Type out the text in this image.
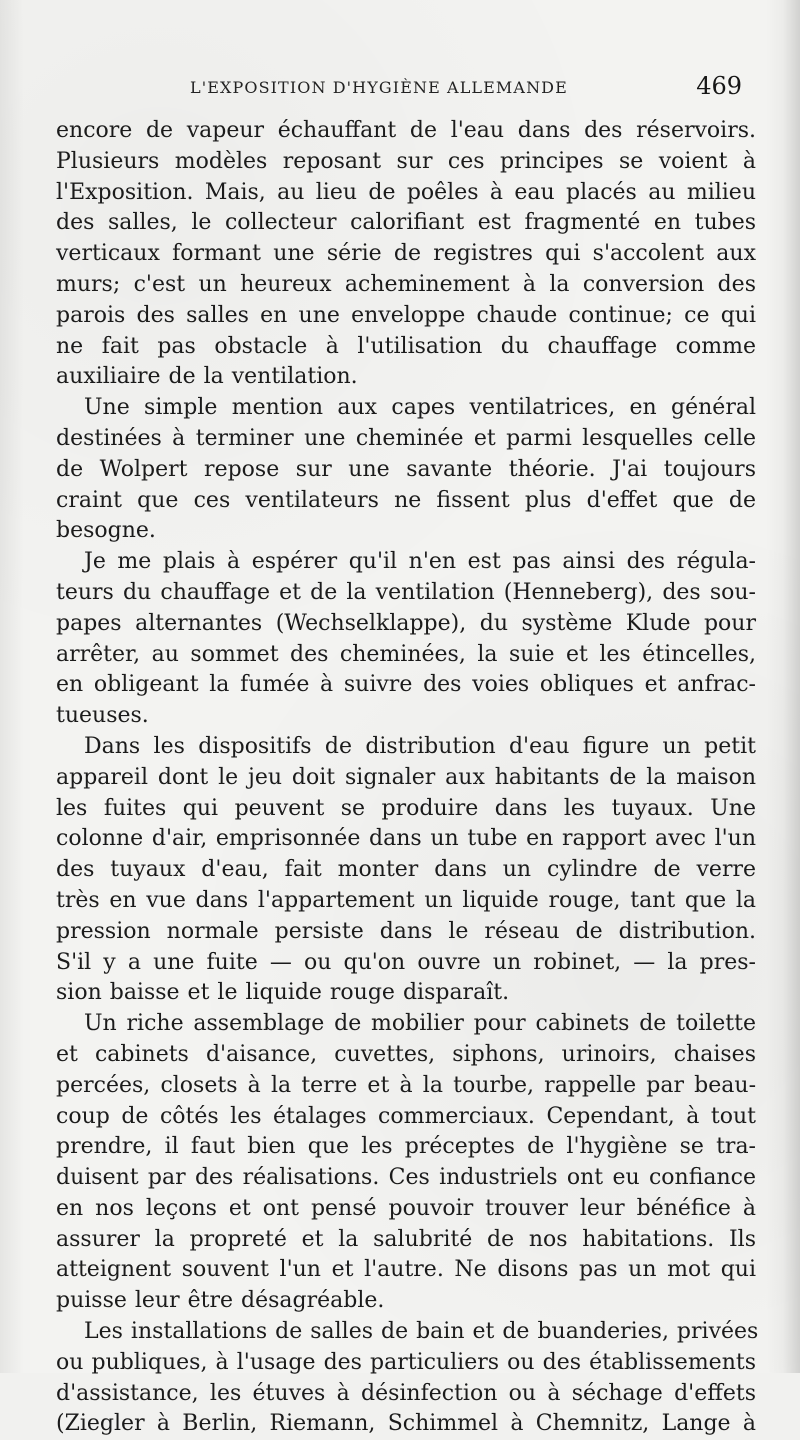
L'EXPOSITION D'HYGIÈNE ALLEMANDE	469
encore de vapeur échauffant de l'eau dans des réservoirs.
Plusieurs modèles reposant sur ces principes se voient à
l'Exposition. Mais, au lieu de poêles à eau placés au milieu
des salles, le collecteur calorifiant est fragmenté en tubes
verticaux formant une série de registres qui s'accolent aux
murs; c'est un heureux acheminement à la conversion des
parois des salles en une enveloppe chaude continue; ce qui
ne fait pas obstacle à l'utilisation du chauffage comme
auxiliaire de la ventilation.
Une simple mention aux capes ventilatrices, en général
destinées à terminer une cheminée et parmi lesquelles celle
de Wolpert repose sur une savante théorie. J'ai toujours
craint que ces ventilateurs ne fissent plus d'effet que de
besogne.
Je me plais à espérer qu'il n'en est pas ainsi des régula-
teurs du chauffage et de la ventilation (Henneberg), des sou-
papes alternantes (Wechselklappe), du système Klude pour
arrêter, au sommet des cheminées, la suie et les étincelles,
en obligeant la fumée à suivre des voies obliques et anfrac-
tueuses.
Dans les dispositifs de distribution d'eau figure un petit
appareil dont le jeu doit signaler aux habitants de la maison
les fuites qui peuvent se produire dans les tuyaux. Une
colonne d'air, emprisonnée dans un tube en rapport avec l'un
des tuyaux d'eau, fait monter dans un cylindre de verre
très en vue dans l'appartement un liquide rouge, tant que la
pression normale persiste dans le réseau de distribution.
S'il y a une fuite — ou qu'on ouvre un robinet, — la pres-
sion baisse et le liquide rouge disparaît.
Un riche assemblage de mobilier pour cabinets de toilette
et cabinets d'aisance, cuvettes, siphons, urinoirs, chaises
percées, closets à la terre et à la tourbe, rappelle par beau-
coup de côtés les étalages commerciaux. Cependant, à tout
prendre, il faut bien que les préceptes de l'hygiène se tra-
duisent par des réalisations. Ces industriels ont eu confiance
en nos leçons et ont pensé pouvoir trouver leur bénéfice à
assurer la propreté et la salubrité de nos habitations. Ils
atteignent souvent l'un et l'autre. Ne disons pas un mot qui
puisse leur être désagréable.
Les installations de salles de bain et de buanderies, privées
ou publiques, à l'usage des particuliers ou des établissements
d'assistance, les étuves à désinfection ou à séchage d'effets
(Ziegler à Berlin, Riemann, Schimmel à Chemnitz, Lange à
